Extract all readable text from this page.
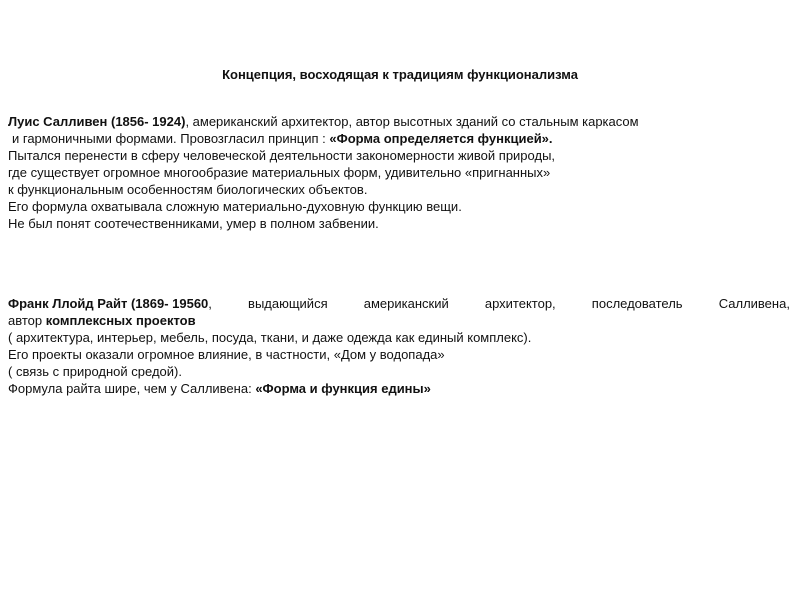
Концепция, восходящая к традициям функционализма
Луис Салливен (1856- 1924), американский архитектор, автор высотных зданий со стальным каркасом
и гармоничными формами. Провозгласил принцип : «Форма определяется функцией».
Пытался перенести в сферу человеческой деятельности закономерности живой природы,
где существует огромное многообразие материальных форм, удивительно «пригнанных»
к функциональным особенностям биологических объектов.
Его формула охватывала сложную материально-духовную функцию вещи.
Не был понят соотечественниками, умер в полном забвении.
Франк Ллойд Райт (1869- 19560,	выдающийся	американский	архитектор,	последователь	Салливена,
автор комплексных проектов
( архитектура, интерьер, мебель, посуда, ткани, и даже одежда как единый комплекс).
Его проекты оказали огромное влияние, в частности, «Дом у водопада»
( связь с природной средой).
Формула райта шире, чем у Салливена: «Форма и функция едины»
